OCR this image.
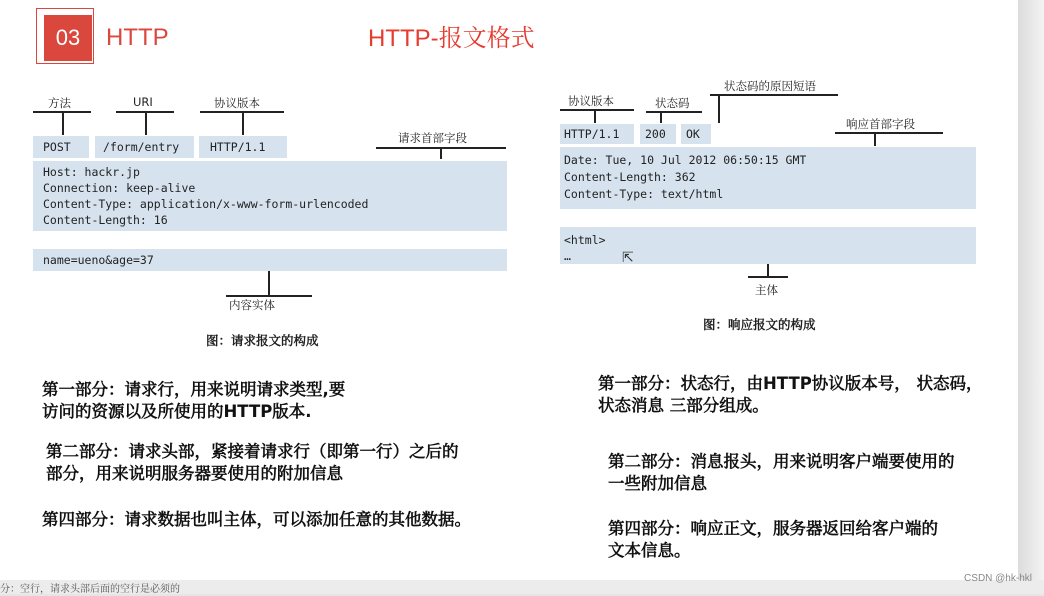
03	HTTP	HTTP-报文格式
方法	URI	协议版本
请求首部字段
内容实体
POST	/form/entry	HTTP/1.1
Host: hackr.jp
Connection: keep-alive
Content-Type: application/x-www-form-urlencoded
Content-Length: 16
name=ueno&age=37
图：请求报文的构成
协议版本	状态码
状态码的原因短语
响应首部字段
主体
HTTP/1.1 200 OK
Date: Tue, 10 Jul 2012 06:50:15 GMT
Content-Length: 362
Content-Type: text/html
<html>
…
图：响应报文的构成
⇱
第一部分：请求行，用来说明请求类型,要
访问的资源以及所使用的HTTP版本.
第二部分：请求头部，紧接着请求行（即第一行）之后的
部分，用来说明服务器要使用的附加信息
第四部分：请求数据也叫主体，可以添加任意的其他数据。
第一部分：状态行，由HTTP协议版本号， 状态码，
状态消息 三部分组成。
第二部分：消息报头，用来说明客户端要使用的
一些附加信息
第四部分：响应正文，服务器返回给客户端的
文本信息。
分：空行，请求头部后面的空行是必须的
CSDN @hk-hkl
